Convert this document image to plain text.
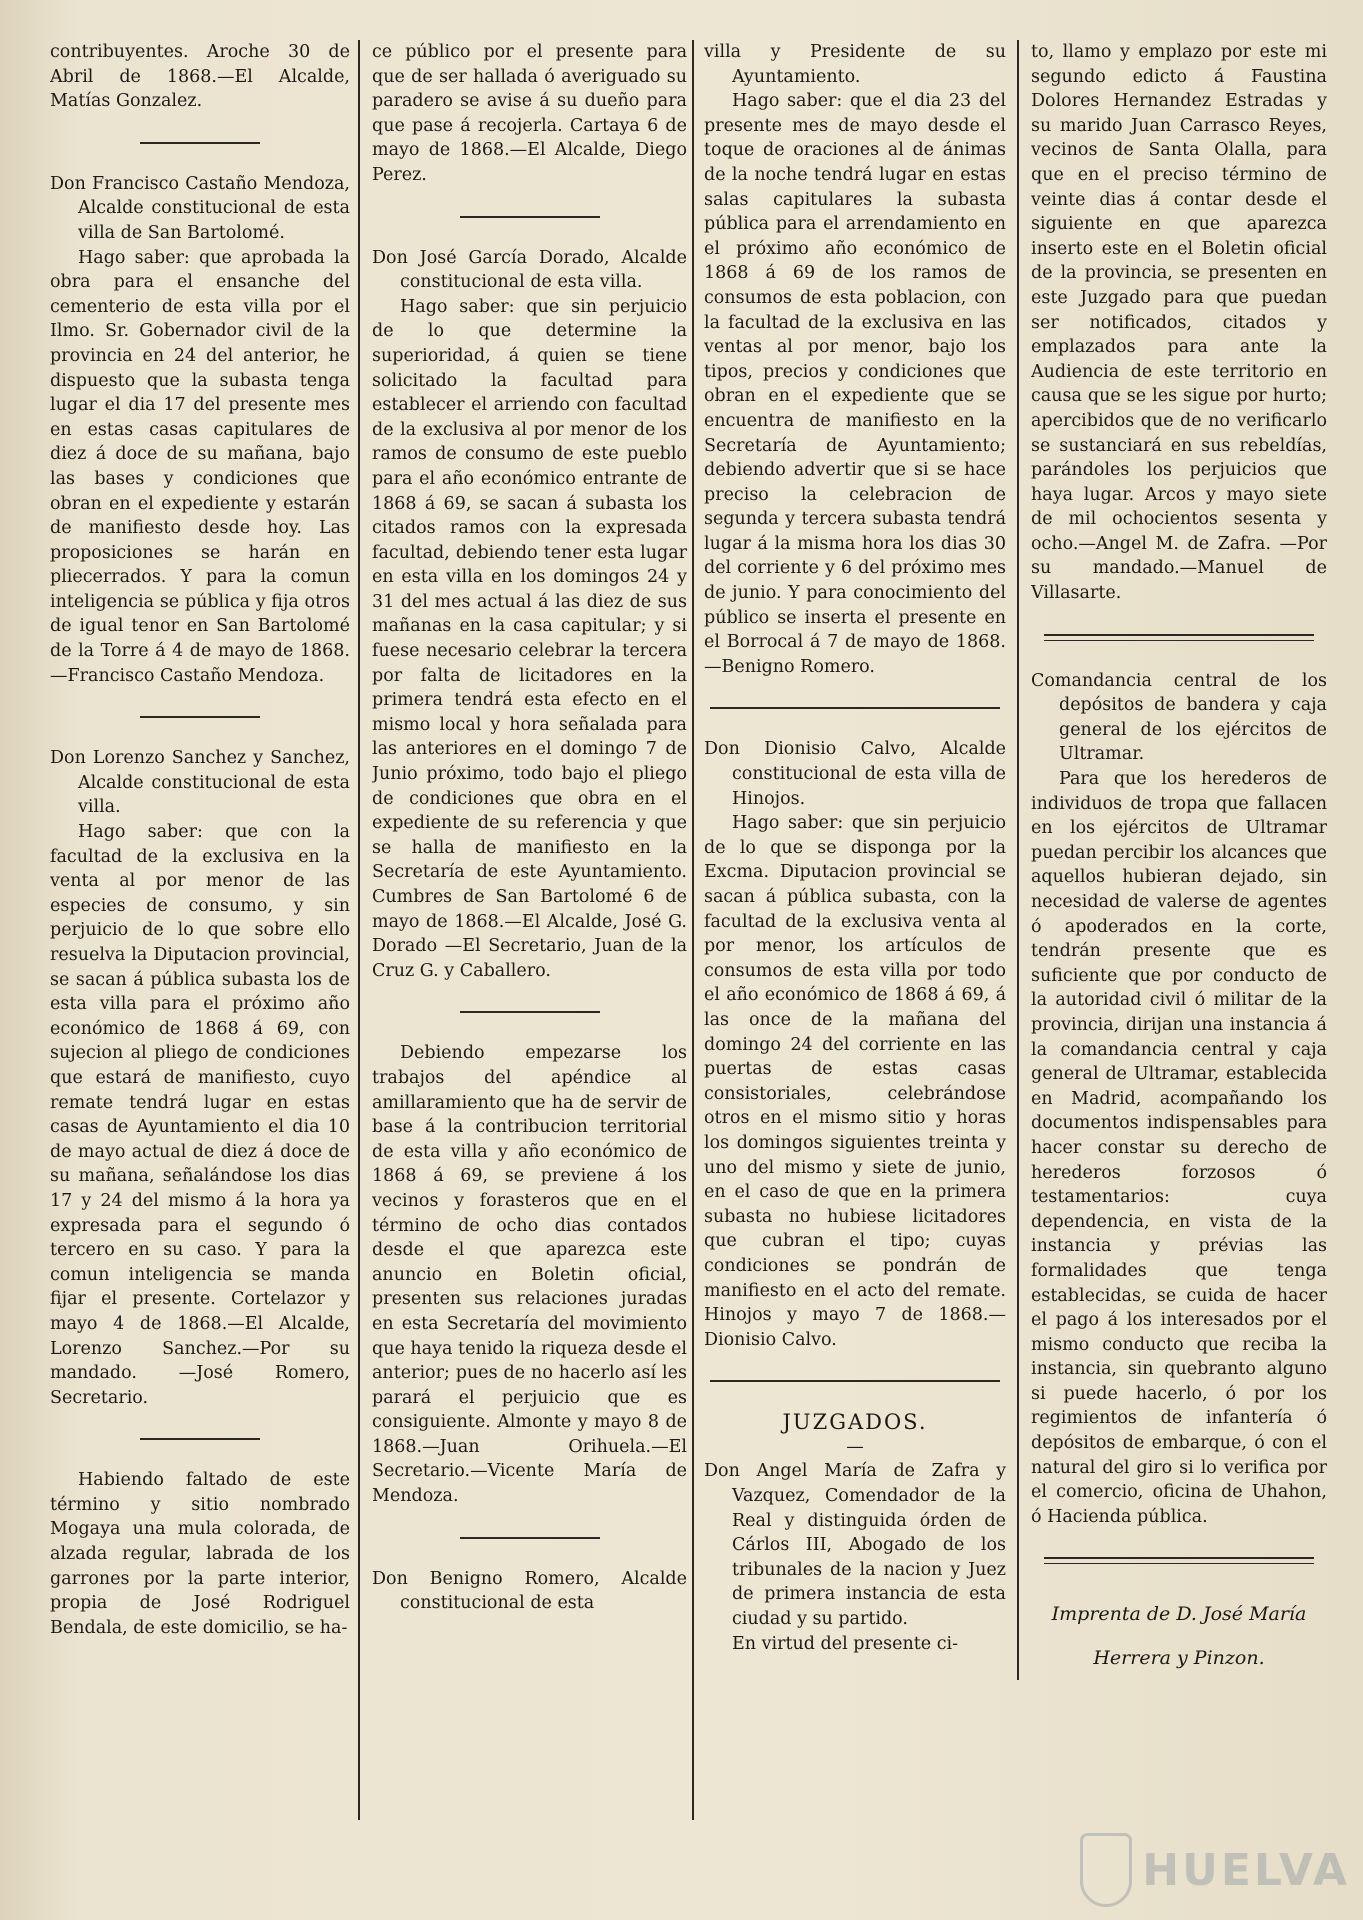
contribuyentes. Aroche 30 de Abril de 1868.—El Alcalde, Matías Gonzalez.

Don Francisco Castaño Mendoza, Alcalde constitucional de esta villa de San Bartolomé.

Hago saber: que aprobada la obra para el ensanche del cementerio de esta villa por el Ilmo. Sr. Gobernador civil de la provincia en 24 del anterior, he dispuesto que la subasta tenga lugar el dia 17 del presente mes en estas casas capitulares de diez á doce de su mañana, bajo las bases y condiciones que obran en el expediente y estarán de manifiesto desde hoy. Las proposiciones se harán en pliecerrados. Y para la comun inteligencia se pública y fija otros de igual tenor en San Bartolomé de la Torre á 4 de mayo de 1868.—Francisco Castaño Mendoza.

Don Lorenzo Sanchez y Sanchez, Alcalde constitucional de esta villa.

Hago saber: que con la facultad de la exclusiva en la venta al por menor de las especies de consumo, y sin perjuicio de lo que sobre ello resuelva la Diputacion provincial, se sacan á pública subasta los de esta villa para el próximo año económico de 1868 á 69, con sujecion al pliego de condiciones que estará de manifiesto, cuyo remate tendrá lugar en estas casas de Ayuntamiento el dia 10 de mayo actual de diez á doce de su mañana, señalándose los dias 17 y 24 del mismo á la hora ya expresada para el segundo ó tercero en su caso. Y para la comun inteligencia se manda fijar el presente. Cortelazor y mayo 4 de 1868.—El Alcalde, Lorenzo Sanchez.—Por su mandado. —José Romero, Secretario.

Habiendo faltado de este término y sitio nombrado Mogaya una mula colorada, de alzada regular, labrada de los garrones por la parte interior, propia de José Rodriguel Bendala, de este domicilio, se ha-

ce público por el presente para que de ser hallada ó averiguado su paradero se avise á su dueño para que pase á recojerla. Cartaya 6 de mayo de 1868.—El Alcalde, Diego Perez.

Don José García Dorado, Alcalde constitucional de esta villa.

Hago saber: que sin perjuicio de lo que determine la superioridad, á quien se tiene solicitado la facultad para establecer el arriendo con facultad de la exclusiva al por menor de los ramos de consumo de este pueblo para el año económico entrante de 1868 á 69, se sacan á subasta los citados ramos con la expresada facultad, debiendo tener esta lugar en esta villa en los domingos 24 y 31 del mes actual á las diez de sus mañanas en la casa capitular; y si fuese necesario celebrar la tercera por falta de licitadores en la primera tendrá esta efecto en el mismo local y hora señalada para las anteriores en el domingo 7 de Junio próximo, todo bajo el pliego de condiciones que obra en el expediente de su referencia y que se halla de manifiesto en la Secretaría de este Ayuntamiento. Cumbres de San Bartolomé 6 de mayo de 1868.—El Alcalde, José G. Dorado —El Secretario, Juan de la Cruz G. y Caballero.

Debiendo empezarse los trabajos del apéndice al amillaramiento que ha de servir de base á la contribucion territorial de esta villa y año económico de 1868 á 69, se previene á los vecinos y forasteros que en el término de ocho dias contados desde el que aparezca este anuncio en Boletin oficial, presenten sus relaciones juradas en esta Secretaría del movimiento que haya tenido la riqueza desde el anterior; pues de no hacerlo así les parará el perjuicio que es consiguiente. Almonte y mayo 8 de 1868.—Juan Orihuela.—El Secretario.—Vicente María de Mendoza.

Don Benigno Romero, Alcalde constitucional de esta

villa y Presidente de su Ayuntamiento.

Hago saber: que el dia 23 del presente mes de mayo desde el toque de oraciones al de ánimas de la noche tendrá lugar en estas salas capitulares la subasta pública para el arrendamiento en el próximo año económico de 1868 á 69 de los ramos de consumos de esta poblacion, con la facultad de la exclusiva en las ventas al por menor, bajo los tipos, precios y condiciones que obran en el expediente que se encuentra de manifiesto en la Secretaría de Ayuntamiento; debiendo advertir que si se hace preciso la celebracion de segunda y tercera subasta tendrá lugar á la misma hora los dias 30 del corriente y 6 del próximo mes de junio. Y para conocimiento del público se inserta el presente en el Borrocal á 7 de mayo de 1868.—Benigno Romero.

Don Dionisio Calvo, Alcalde constitucional de esta villa de Hinojos.

Hago saber: que sin perjuicio de lo que se disponga por la Excma. Diputacion provincial se sacan á pública subasta, con la facultad de la exclusiva venta al por menor, los artículos de consumos de esta villa por todo el año económico de 1868 á 69, á las once de la mañana del domingo 24 del corriente en las puertas de estas casas consistoriales, celebrándose otros en el mismo sitio y horas los domingos siguientes treinta y uno del mismo y siete de junio, en el caso de que en la primera subasta no hubiese licitadores que cubran el tipo; cuyas condiciones se pondrán de manifiesto en el acto del remate. Hinojos y mayo 7 de 1868.—Dionisio Calvo.

JUZGADOS.

—

Don Angel María de Zafra y Vazquez, Comendador de la Real y distinguida órden de Cárlos III, Abogado de los tribunales de la nacion y Juez de primera instancia de esta ciudad y su partido.

En virtud del presente ci-

to, llamo y emplazo por este mi segundo edicto á Faustina Dolores Hernandez Estradas y su marido Juan Carrasco Reyes, vecinos de Santa Olalla, para que en el preciso término de veinte dias á contar desde el siguiente en que aparezca inserto este en el Boletin oficial de la provincia, se presenten en este Juzgado para que puedan ser notificados, citados y emplazados para ante la Audiencia de este territorio en causa que se les sigue por hurto; apercibidos que de no verificarlo se sustanciará en sus rebeldías, parándoles los perjuicios que haya lugar. Arcos y mayo siete de mil ochocientos sesenta y ocho.—Angel M. de Zafra. —Por su mandado.—Manuel de Villasarte.

Comandancia central de los depósitos de bandera y caja general de los ejércitos de Ultramar.

Para que los herederos de individuos de tropa que fallacen en los ejércitos de Ultramar puedan percibir los alcances que aquellos hubieran dejado, sin necesidad de valerse de agentes ó apoderados en la corte, tendrán presente que es suficiente que por conducto de la autoridad civil ó militar de la provincia, dirijan una instancia á la comandancia central y caja general de Ultramar, establecida en Madrid, acompañando los documentos indispensables para hacer constar su derecho de herederos forzosos ó testamentarios: cuya dependencia, en vista de la instancia y prévias las formalidades que tenga establecidas, se cuida de hacer el pago á los interesados por el mismo conducto que reciba la instancia, sin quebranto alguno si puede hacerlo, ó por los regimientos de infantería ó depósitos de embarque, ó con el natural del giro si lo verifica por el comercio, oficina de Uhahon, ó Hacienda pública.

Imprenta de D. José María

Herrera y Pinzon.

HUELVA
